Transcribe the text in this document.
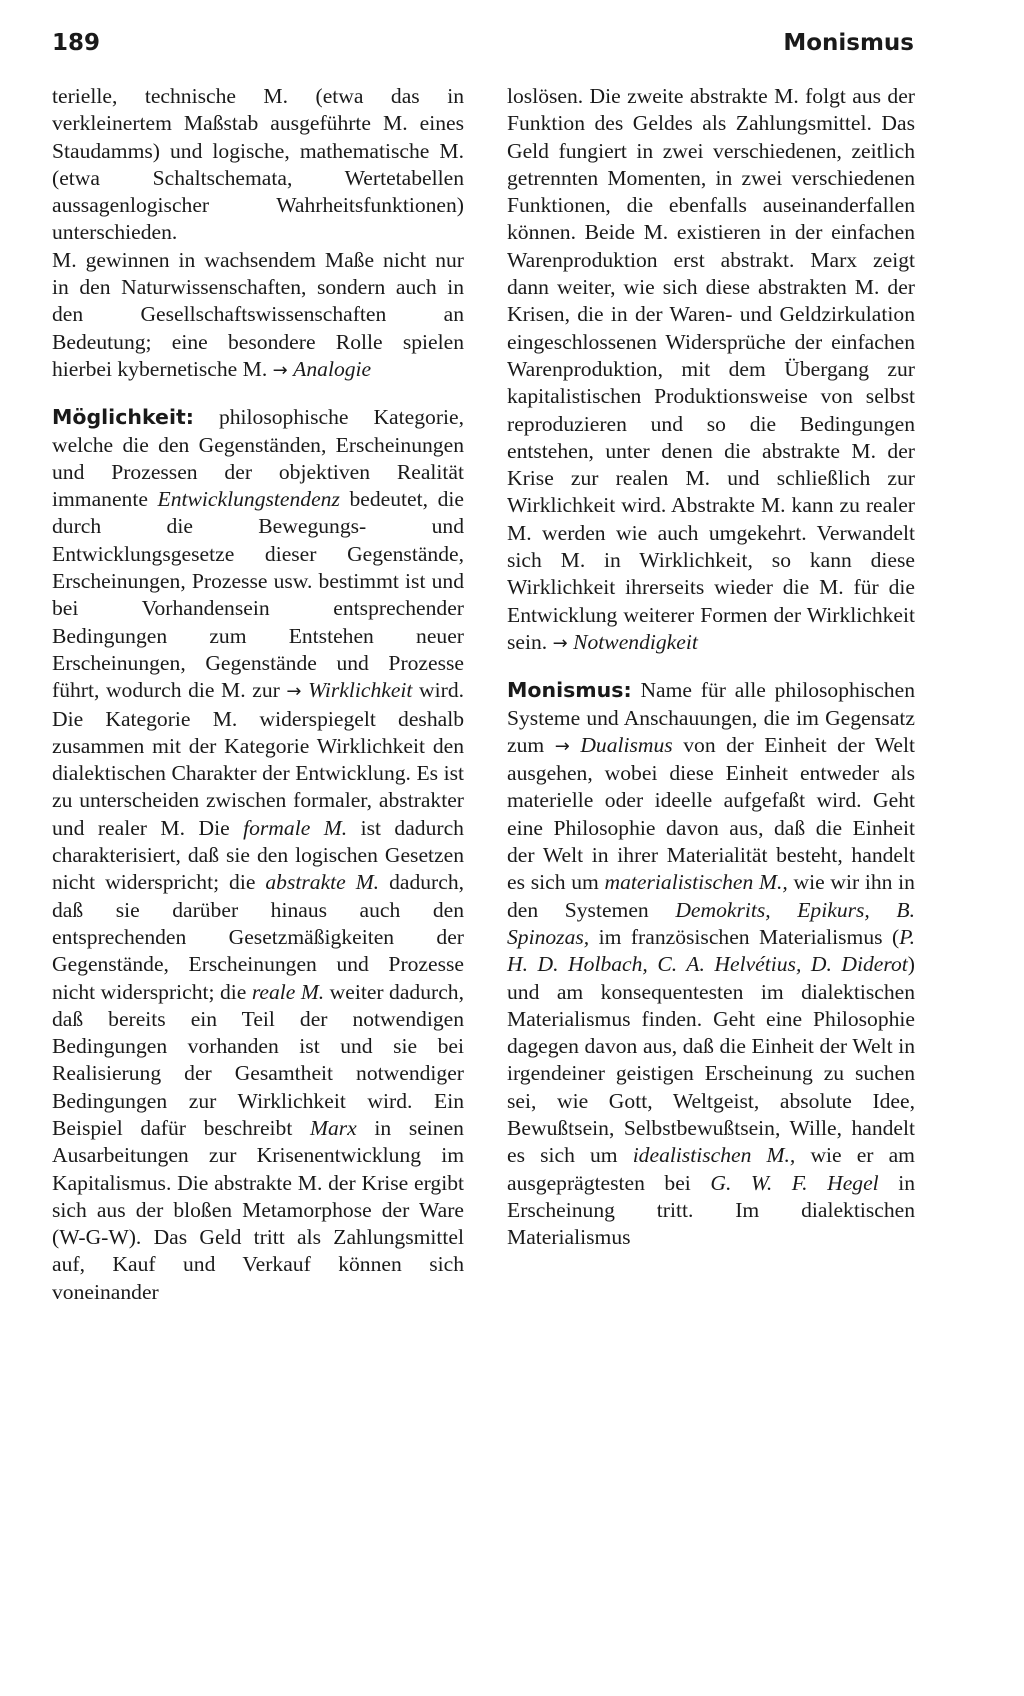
189	Monismus

terielle, technische M. (etwa das in verkleinertem Maßstab ausgeführte M. eines Staudamms) und logische, mathematische M. (etwa Schaltschemata, Wertetabellen aussagenlogischer Wahrheitsfunktionen) unterschieden.

M. gewinnen in wachsendem Maße nicht nur in den Naturwissenschaften, sondern auch in den Gesellschaftswissenschaften an Bedeutung; eine besondere Rolle spielen hierbei kybernetische M. → Analogie

Möglichkeit: philosophische Kategorie, welche die den Gegenständen, Erscheinungen und Prozessen der objektiven Realität immanente Entwicklungstendenz bedeutet, die durch die Bewegungs- und Entwicklungsgesetze dieser Gegenstände, Erscheinungen, Prozesse usw. bestimmt ist und bei Vorhandensein entsprechender Bedingungen zum Entstehen neuer Erscheinungen, Gegenstände und Prozesse führt, wodurch die M. zur → Wirklichkeit wird. Die Kategorie M. widerspiegelt deshalb zusammen mit der Kategorie Wirklichkeit den dialektischen Charakter der Entwicklung. Es ist zu unterscheiden zwischen formaler, abstrakter und realer M. Die formale M. ist dadurch charakterisiert, daß sie den logischen Gesetzen nicht widerspricht; die abstrakte M. dadurch, daß sie darüber hinaus auch den entsprechenden Gesetzmäßigkeiten der Gegenstände, Erscheinungen und Prozesse nicht widerspricht; die reale M. weiter dadurch, daß bereits ein Teil der notwendigen Bedingungen vorhanden ist und sie bei Realisierung der Gesamtheit notwendiger Bedingungen zur Wirklichkeit wird. Ein Beispiel dafür beschreibt Marx in seinen Ausarbeitungen zur Krisenentwicklung im Kapitalismus. Die abstrakte M. der Krise ergibt sich aus der bloßen Metamorphose der Ware (W-G-W). Das Geld tritt als Zahlungsmittel auf, Kauf und Verkauf können sich voneinander

loslösen. Die zweite abstrakte M. folgt aus der Funktion des Geldes als Zahlungsmittel. Das Geld fungiert in zwei verschiedenen, zeitlich getrennten Momenten, in zwei verschiedenen Funktionen, die ebenfalls auseinanderfallen können. Beide M. existieren in der einfachen Warenproduktion erst abstrakt. Marx zeigt dann weiter, wie sich diese abstrakten M. der Krisen, die in der Waren- und Geldzirkulation eingeschlossenen Widersprüche der einfachen Warenproduktion, mit dem Übergang zur kapitalistischen Produktionsweise von selbst reproduzieren und so die Bedingungen entstehen, unter denen die abstrakte M. der Krise zur realen M. und schließlich zur Wirklichkeit wird. Abstrakte M. kann zu realer M. werden wie auch umgekehrt. Verwandelt sich M. in Wirklichkeit, so kann diese Wirklichkeit ihrerseits wieder die M. für die Entwicklung weiterer Formen der Wirklichkeit sein. → Notwendigkeit

Monismus: Name für alle philosophischen Systeme und Anschauungen, die im Gegensatz zum → Dualismus von der Einheit der Welt ausgehen, wobei diese Einheit entweder als materielle oder ideelle aufgefaßt wird. Geht eine Philosophie davon aus, daß die Einheit der Welt in ihrer Materialität besteht, handelt es sich um materialistischen M., wie wir ihn in den Systemen Demokrits, Epikurs, B. Spinozas, im französischen Materialismus (P. H. D. Holbach, C. A. Helvétius, D. Diderot) und am konsequentesten im dialektischen Materialismus finden. Geht eine Philosophie dagegen davon aus, daß die Einheit der Welt in irgendeiner geistigen Erscheinung zu suchen sei, wie Gott, Weltgeist, absolute Idee, Bewußtsein, Selbstbewußtsein, Wille, handelt es sich um idealistischen M., wie er am ausgeprägtesten bei G. W. F. Hegel in Erscheinung tritt. Im dialektischen Materialismus
